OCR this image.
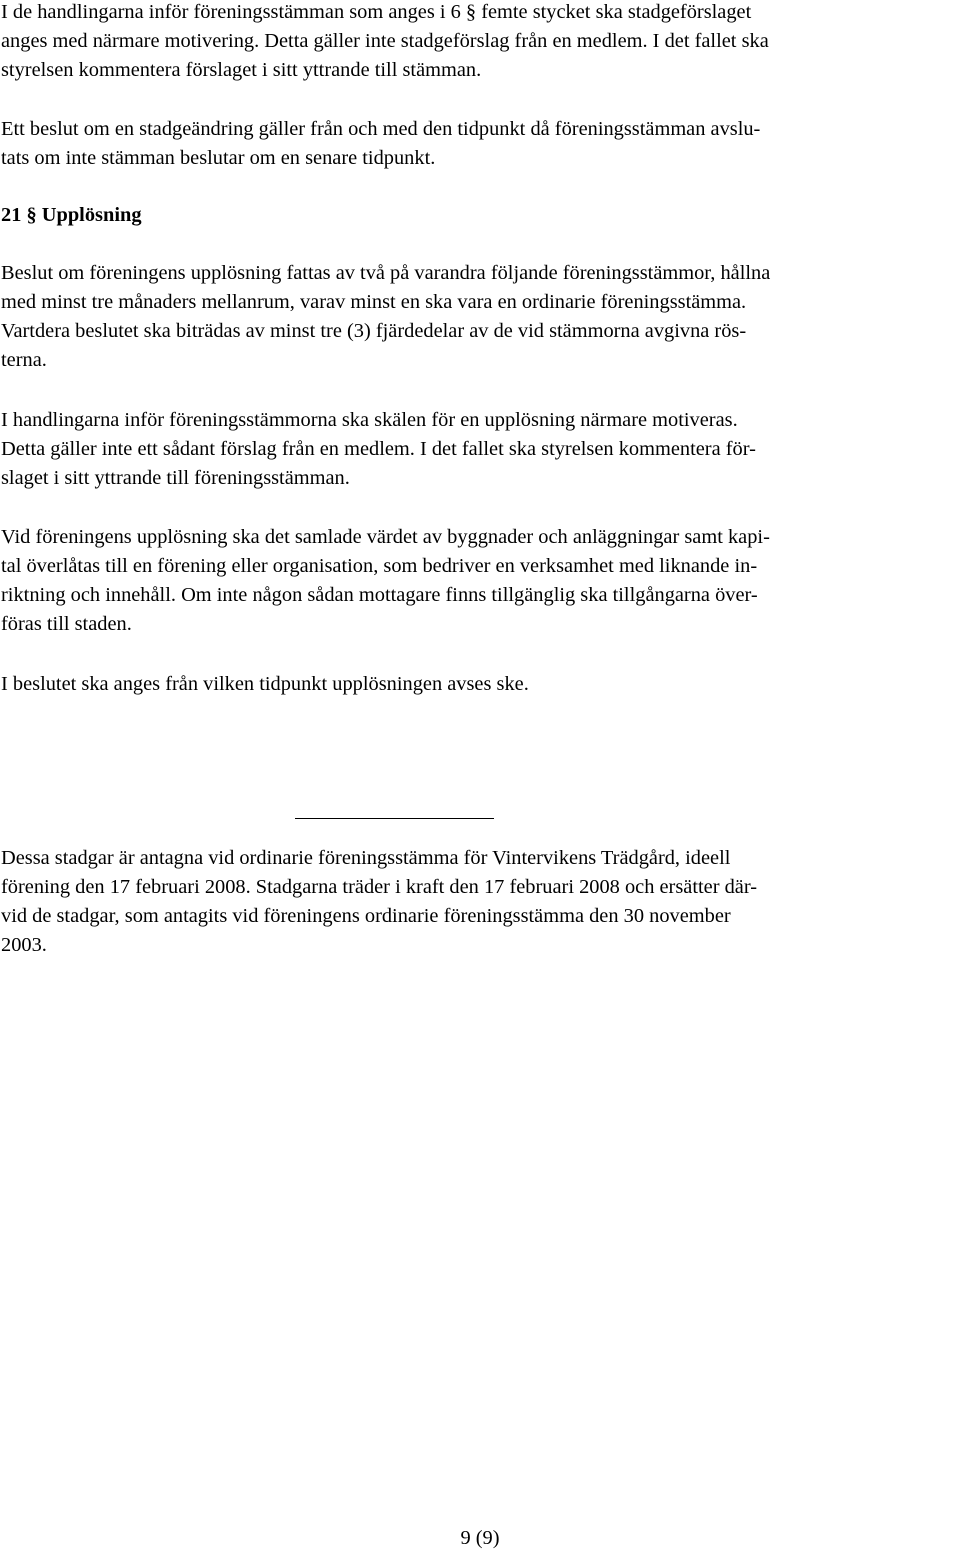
I de handlingarna inför föreningsstämman som anges i 6 § femte stycket ska stadgeförslaget
anges med närmare motivering. Detta gäller inte stadgeförslag från en medlem. I det fallet ska
styrelsen kommentera förslaget i sitt yttrande till stämman.
Ett beslut om en stadgeändring gäller från och med den tidpunkt då föreningsstämman avslu-
tats om inte stämman beslutar om en senare tidpunkt.
21 § Upplösning
Beslut om föreningens upplösning fattas av två på varandra följande föreningsstämmor, hållna
med minst tre månaders mellanrum, varav minst en ska vara en ordinarie föreningsstämma.
Vartdera beslutet ska biträdas av minst tre (3) fjärdedelar av de vid stämmorna avgivna rös-
terna.
I handlingarna inför föreningsstämmorna ska skälen för en upplösning närmare motiveras.
Detta gäller inte ett sådant förslag från en medlem. I det fallet ska styrelsen kommentera för-
slaget i sitt yttrande till föreningsstämman.
Vid föreningens upplösning ska det samlade värdet av byggnader och anläggningar samt kapi-
tal överlåtas till en förening eller organisation, som bedriver en verksamhet med liknande in-
riktning och innehåll. Om inte någon sådan mottagare finns tillgänglig ska tillgångarna över-
föras till staden.
I beslutet ska anges från vilken tidpunkt upplösningen avses ske.
Dessa stadgar är antagna vid ordinarie föreningsstämma för Vintervikens Trädgård, ideell
förening den 17 februari 2008. Stadgarna träder i kraft den 17 februari 2008 och ersätter där-
vid de stadgar, som antagits vid föreningens ordinarie föreningsstämma den 30 november
2003.
9 (9)
